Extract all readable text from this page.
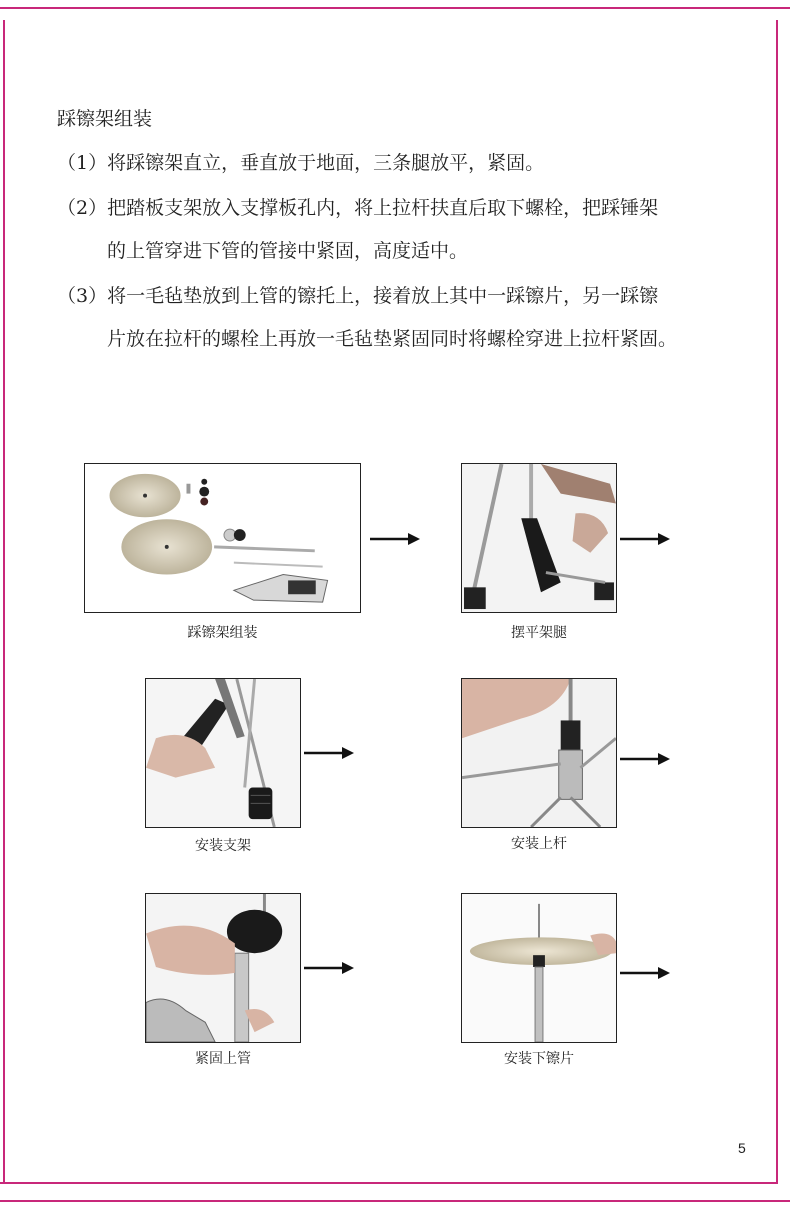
踩镲架组装
（1）将踩镲架直立，垂直放于地面，三条腿放平，紧固。
（2）把踏板支架放入支撑板孔内，将上拉杆扶直后取下螺栓，把踩锤架
的上管穿进下管的管接中紧固，高度适中。
（3）将一毛毡垫放到上管的镲托上，接着放上其中一踩镲片，另一踩镲
片放在拉杆的螺栓上再放一毛毡垫紧固同时将螺栓穿进上拉杆紧固。
踩镲架组装	摆平架腿
安装支架	安装上杆
紧固上管	安装下镲片
5
